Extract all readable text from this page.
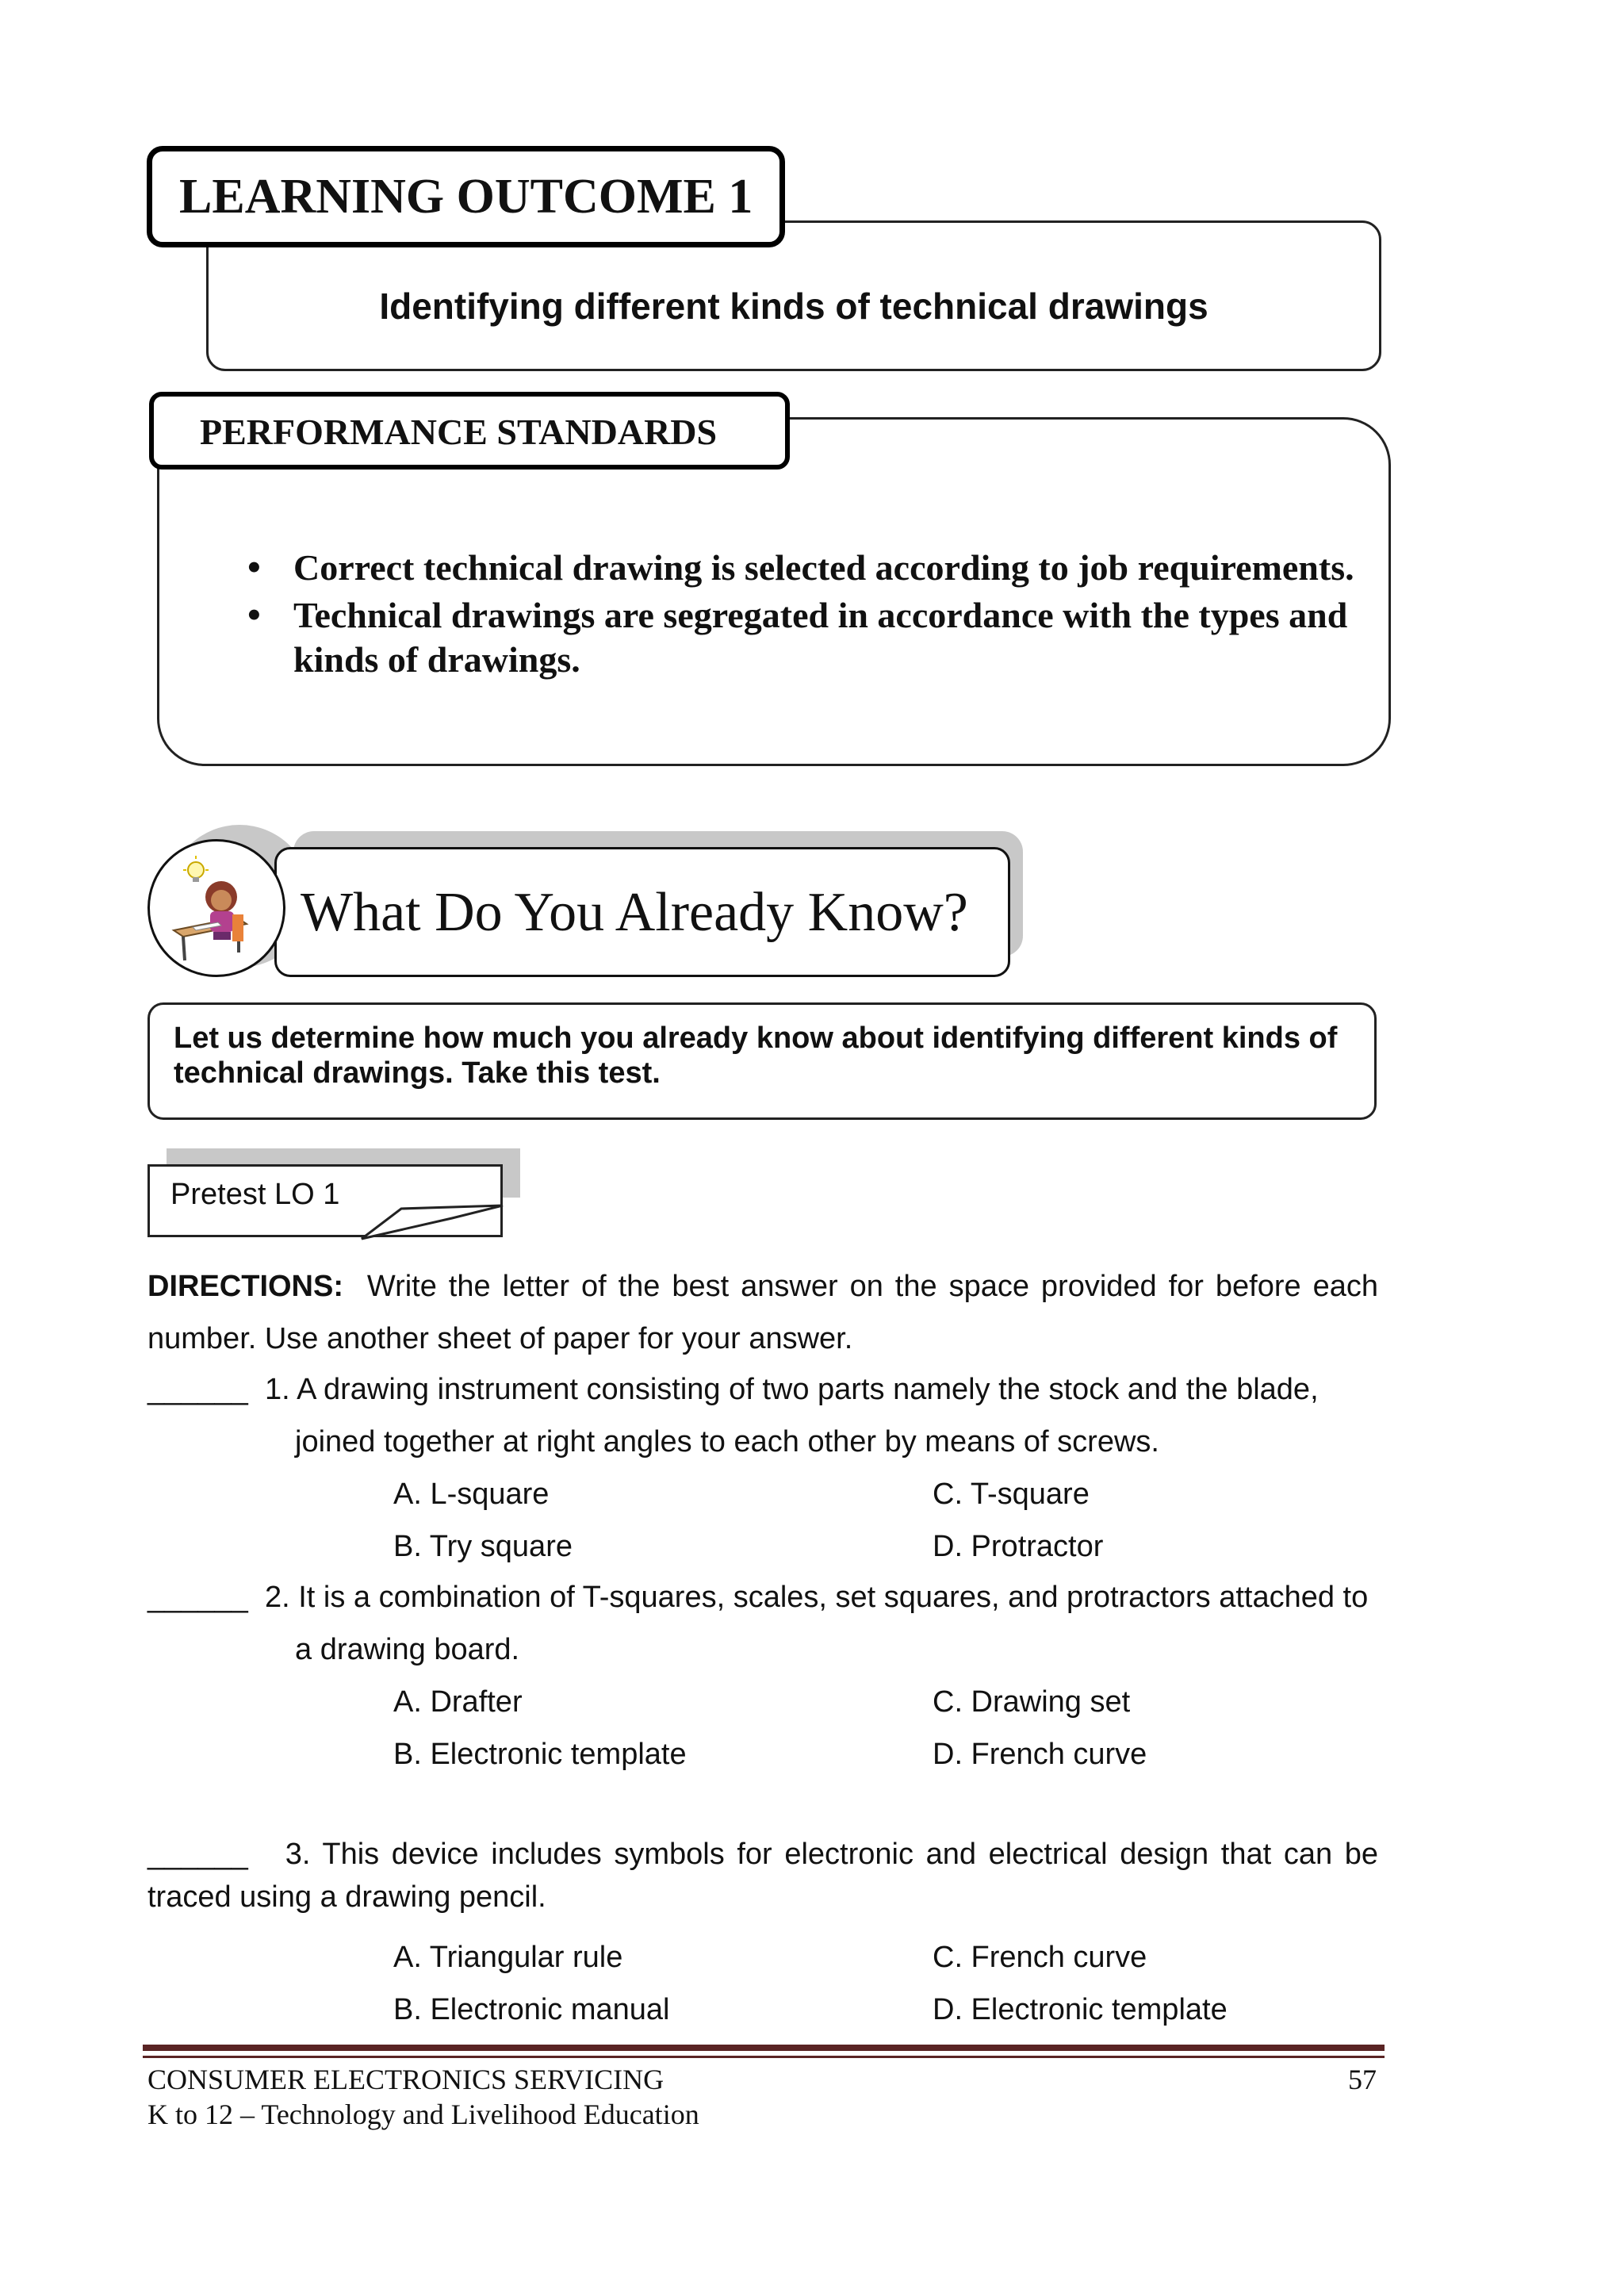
Identifying different kinds of technical drawings
LEARNING OUTCOME 1
PERFORMANCE STANDARDS
• Correct technical drawing is selected according to job requirements.
• Technical drawings are segregated in accordance with the types and kinds of drawings.
What Do You Already Know?
Let us determine how much you already know about identifying different kinds of technical drawings. Take this test.
Pretest LO 1
DIRECTIONS: Write the letter of the best answer on the space provided for before each
number. Use another sheet of paper for your answer.
______ 1. A drawing instrument consisting of two parts namely the stock and the blade,
joined together at right angles to each other by means of screws.
A. L-square	C. T-square
B. Try square	D. Protractor
______ 2. It is a combination of T-squares, scales, set squares, and protractors attached to
a drawing board.
A. Drafter	C. Drawing set
B. Electronic template	D. French curve
______ 3. This device includes symbols for electronic and electrical design that can be
traced using a drawing pencil.
A. Triangular rule	C. French curve
B. Electronic manual	D. Electronic template
CONSUMER ELECTRONICS SERVICING	57
K to 12 – Technology and Livelihood Education
